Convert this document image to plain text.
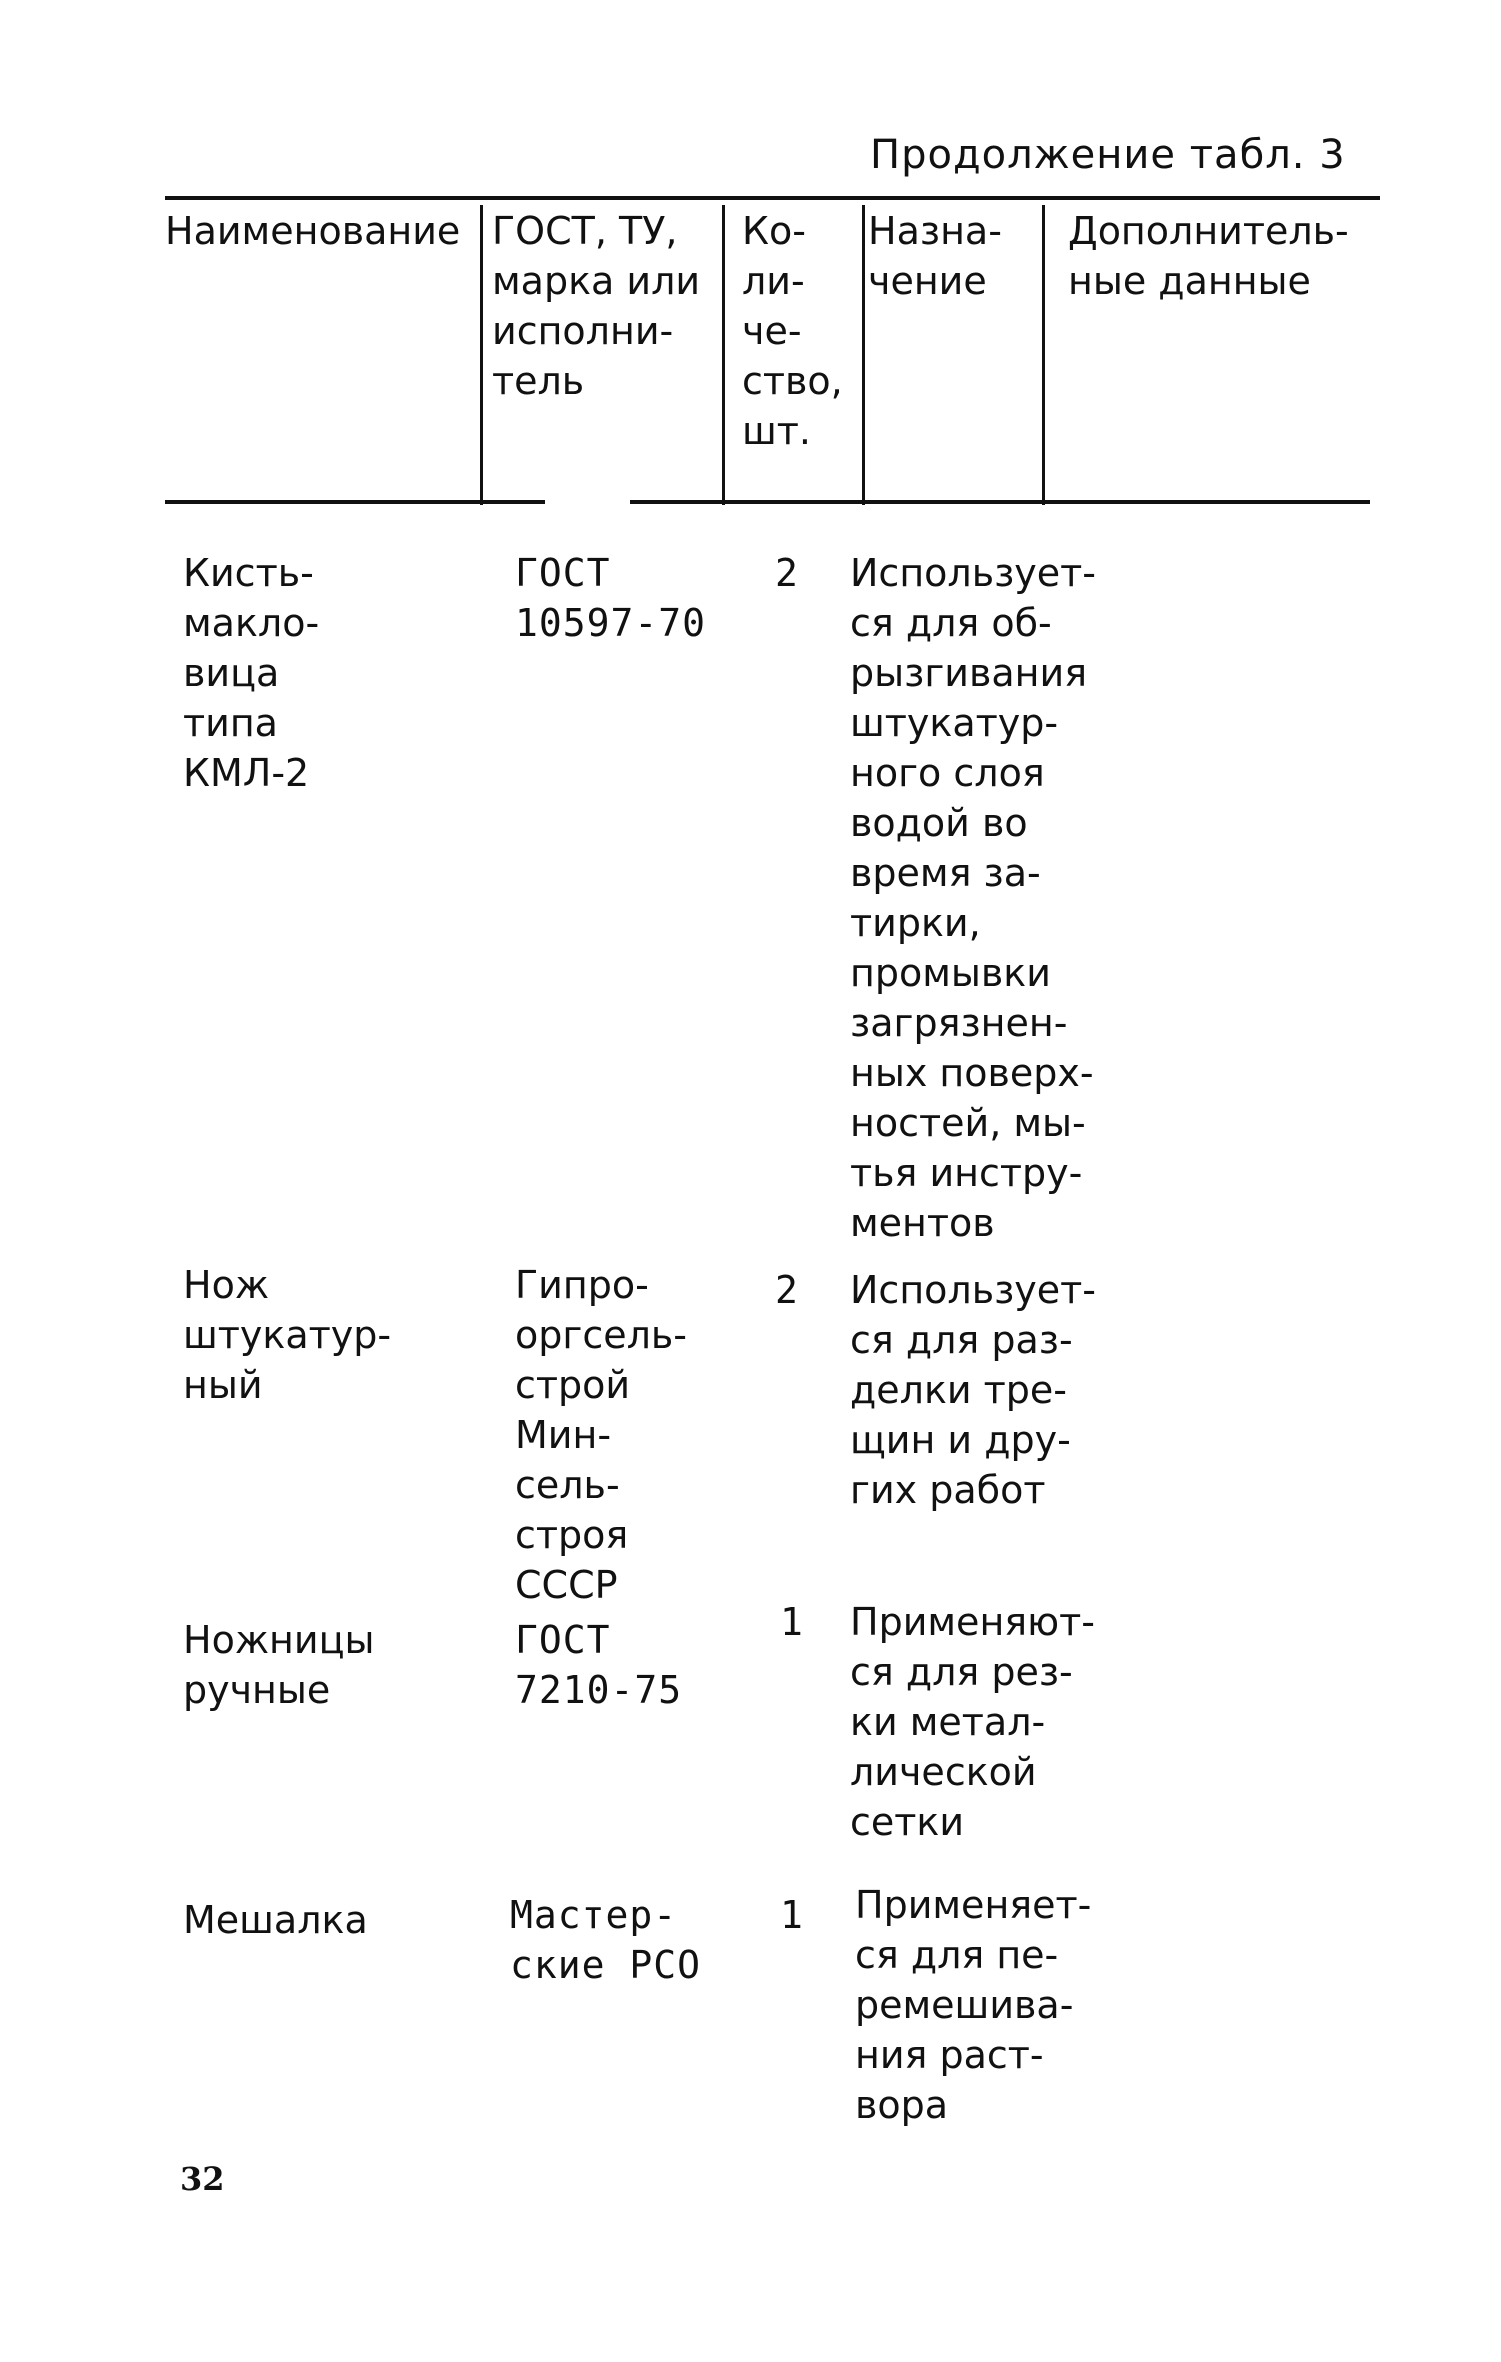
Продолжение табл. 3
Наименование ГОСТ, ТУ,
марка или
исполни-
тель
Ко-
ли-
че-
ство,
шт.
Назна-
чение
Дополнитель-
ные данные
Кисть-
макло-
вица
типа
КМЛ-2
ГОСТ
10597-70
2 Использует-
ся для об-
рызгивания
штукатур-
ного слоя
водой во
время за-
тирки,
промывки
загрязнен-
ных поверх-
ностей, мы-
тья инстру-
ментов
Нож
штукатур-
ный
Гипро-
оргсель-
строй
Мин-
сель-
строя
СССР
2 Использует-
ся для раз-
делки тре-
щин и дру-
гих работ
Ножницы
ручные
ГОСТ
7210-75
1 Применяют-
ся для рез-
ки метал-
лической
сетки
Мешалка	Мастер-
ские РСО
1 Применяет-
ся для пе-
ремешива-
ния раст-
вора
32
